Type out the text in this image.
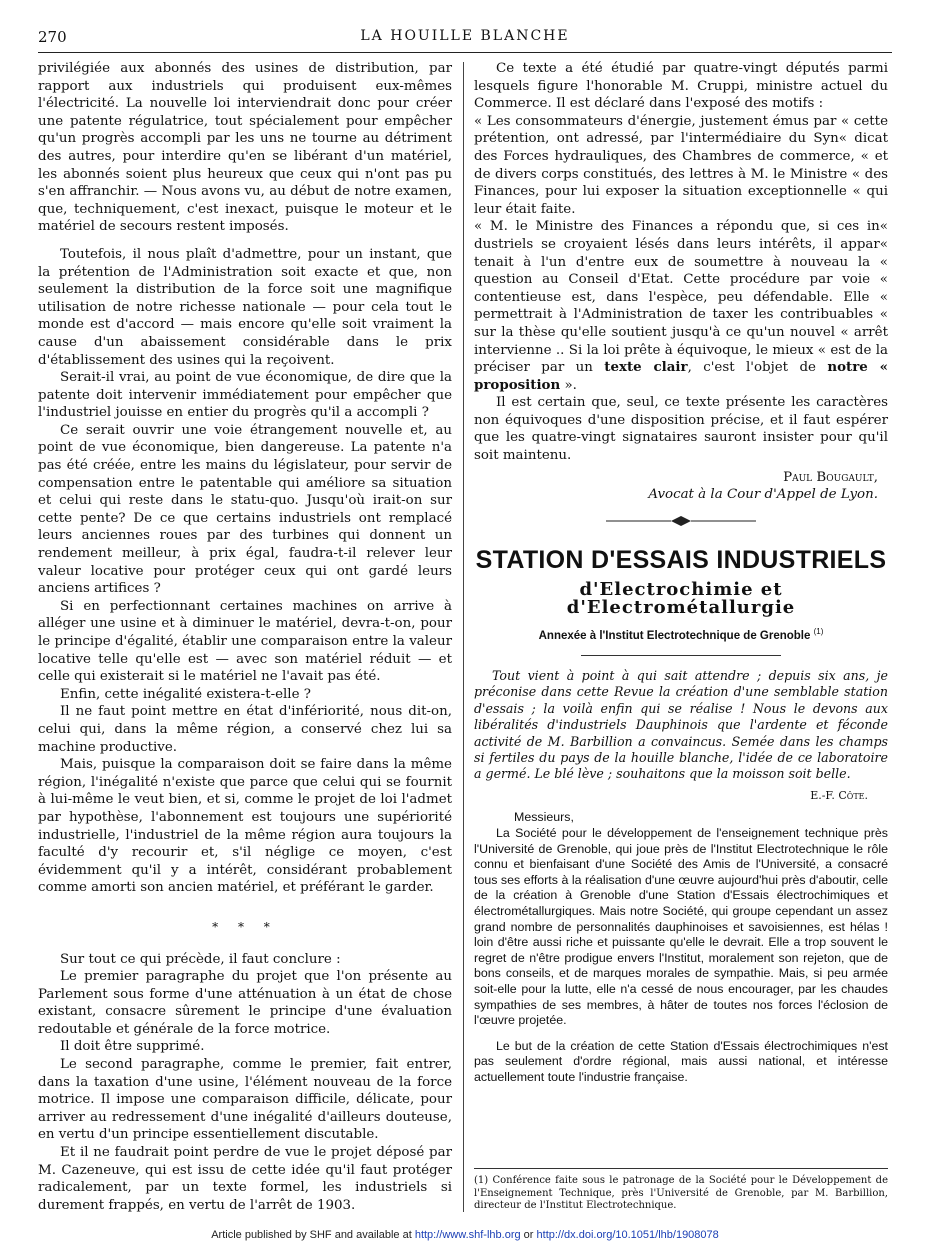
270	LA HOUILLE BLANCHE

privilégiée aux abonnés des usines de distribution, par rapport aux industriels qui produisent eux-mêmes l'électricité. La nouvelle loi interviendrait donc pour créer une patente régulatrice, tout spécialement pour empêcher qu'un progrès accompli par les uns ne tourne au détriment des autres, pour interdire qu'en se libérant d'un matériel, les abonnés soient plus heureux que ceux qui n'ont pas pu s'en affranchir. — Nous avons vu, au début de notre examen, que, techniquement, c'est inexact, puisque le moteur et le matériel de secours restent imposés.

Toutefois, il nous plaît d'admettre, pour un instant, que la prétention de l'Administration soit exacte et que, non seulement la distribution de la force soit une magnifique utilisation de notre richesse nationale — pour cela tout le monde est d'accord — mais encore qu'elle soit vraiment la cause d'un abaissement considérable dans le prix d'établissement des usines qui la reçoivent.

Serait-il vrai, au point de vue économique, de dire que la patente doit intervenir immédiatement pour empêcher que l'industriel jouisse en entier du progrès qu'il a accompli ?

Ce serait ouvrir une voie étrangement nouvelle et, au point de vue économique, bien dangereuse. La patente n'a pas été créée, entre les mains du législateur, pour servir de compensation entre le patentable qui améliore sa situation et celui qui reste dans le statu-quo. Jusqu'où irait-on sur cette pente? De ce que certains industriels ont remplacé leurs anciennes roues par des turbines qui donnent un rendement meilleur, à prix égal, faudra-t-il relever leur valeur locative pour protéger ceux qui ont gardé leurs anciens artifices ?

Si en perfectionnant certaines machines on arrive à alléger une usine et à diminuer le matériel, devra-t-on, pour le principe d'égalité, établir une comparaison entre la valeur locative telle qu'elle est — avec son matériel réduit — et celle qui existerait si le matériel ne l'avait pas été.

Enfin, cette inégalité existera-t-elle ?

Il ne faut point mettre en état d'infériorité, nous dit-on, celui qui, dans la même région, a conservé chez lui sa machine productive.

Mais, puisque la comparaison doit se faire dans la même région, l'inégalité n'existe que parce que celui qui se fournit à lui-même le veut bien, et si, comme le projet de loi l'admet par hypothèse, l'abonnement est toujours une supériorité industrielle, l'industriel de la même région aura toujours la faculté d'y recourir et, s'il néglige ce moyen, c'est évidemment qu'il y a intérêt, considérant probablement comme amorti son ancien matériel, et préférant le garder.

* * *

Sur tout ce qui précède, il faut conclure :

Le premier paragraphe du projet que l'on présente au Parlement sous forme d'une atténuation à un état de chose existant, consacre sûrement le principe d'une évaluation redoutable et générale de la force motrice.

Il doit être supprimé.

Le second paragraphe, comme le premier, fait entrer, dans la taxation d'une usine, l'élément nouveau de la force motrice. Il impose une comparaison difficile, délicate, pour arriver au redressement d'une inégalité d'ailleurs douteuse, en vertu d'un principe essentiellement discutable.

Et il ne faudrait point perdre de vue le projet déposé par M. Cazeneuve, qui est issu de cette idée qu'il faut protéger radicalement, par un texte formel, les industriels si durement frappés, en vertu de l'arrêt de 1903.

Ce texte a été étudié par quatre-vingt députés parmi lesquels figure l'honorable M. Cruppi, ministre actuel du Commerce. Il est déclaré dans l'exposé des motifs :

« Les consommateurs d'énergie, justement émus par « cette prétention, ont adressé, par l'intermédiaire du Syn« dicat des Forces hydrauliques, des Chambres de commerce, « et de divers corps constitués, des lettres à M. le Ministre « des Finances, pour lui exposer la situation exceptionnelle « qui leur était faite.

« M. le Ministre des Finances a répondu que, si ces in« dustriels se croyaient lésés dans leurs intérêts, il appar« tenait à l'un d'entre eux de soumettre à nouveau la « question au Conseil d'Etat. Cette procédure par voie « contentieuse est, dans l'espèce, peu défendable. Elle « permettrait à l'Administration de taxer les contribuables « sur la thèse qu'elle soutient jusqu'à ce qu'un nouvel « arrêt intervienne .. Si la loi prête à équivoque, le mieux « est de la préciser par un texte clair, c'est l'objet de notre « proposition ».

Il est certain que, seul, ce texte présente les caractères non équivoques d'une disposition précise, et il faut espérer que les quatre-vingt signataires sauront insister pour qu'il soit maintenu.

Paul Bougault,
Avocat à la Cour d'Appel de Lyon.
STATION D'ESSAIS INDUSTRIELS
d'Electrochimie et d'Electrométallurgie
Annexée à l'Institut Electrotechnique de Grenoble $^{(1)}$

Tout vient à point à qui sait attendre ; depuis six ans, je préconise dans cette Revue la création d'une semblable station d'essais ; la voilà enfin qui se réalise ! Nous le devons aux libéralités d'industriels Dauphinois que l'ardente et féconde activité de M. Barbillion a convaincus. Semée dans les champs si fertiles du pays de la houille blanche, l'idée de ce laboratoire a germé. Le blé lève ; souhaitons que la moisson soit belle.

E.-F. Côte.

Messieurs,

La Société pour le développement de l'enseignement technique près l'Université de Grenoble, qui joue près de l'Institut Electrotechnique le rôle connu et bienfaisant d'une Société des Amis de l'Université, a consacré tous ses efforts à la réalisation d'une œuvre aujourd'hui près d'aboutir, celle de la création à Grenoble d'une Station d'Essais électrochimiques et électrométallurgiques. Mais notre Société, qui groupe cependant un assez grand nombre de personnalités dauphinoises et savoisiennes, est hélas ! loin d'être aussi riche et puissante qu'elle le devrait. Elle a trop souvent le regret de n'être prodigue envers l'Institut, moralement son rejeton, que de bons conseils, et de marques morales de sympathie. Mais, si peu armée soit-elle pour la lutte, elle n'a cessé de nous encourager, par les chaudes sympathies de ses membres, à hâter de toutes nos forces l'éclosion de l'œuvre projetée.

Le but de la création de cette Station d'Essais électrochimiques n'est pas seulement d'ordre régional, mais aussi national, et intéresse actuellement toute l'industrie française.

(1) Conférence faite sous le patronage de la Société pour le Développement de l'Enseignement Technique, près l'Université de Grenoble, par M. Barbillion, directeur de l'Institut Electrotechnique.
Article published by SHF and available at http://www.shf-lhb.org or http://dx.doi.org/10.1051/lhb/1908078
